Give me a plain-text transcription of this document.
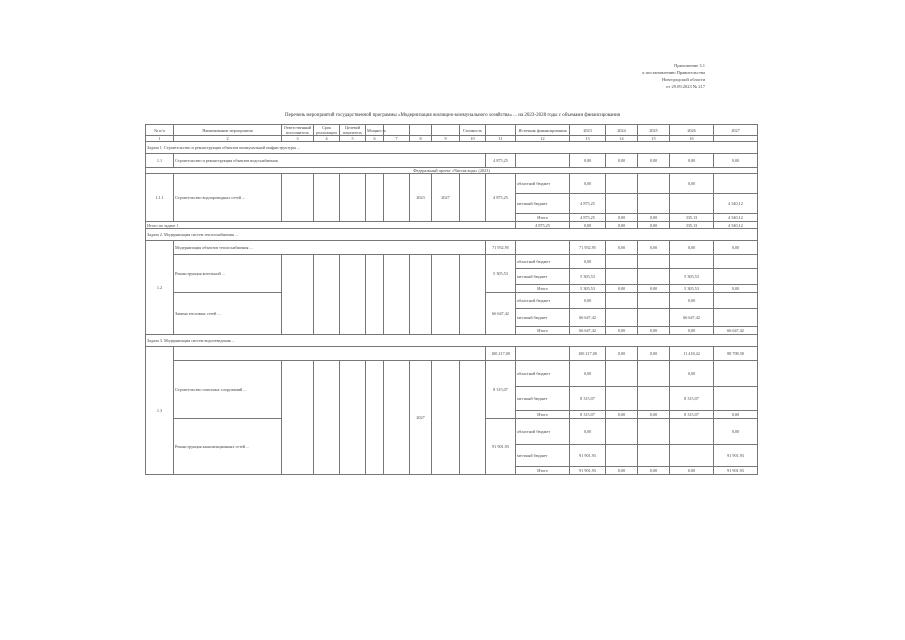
Приложение 3.1
к постановлению Правительства
Новгородской области
от 29.09.2023 № 217
Перечень мероприятий государственной программы «Модернизация жилищно-коммунального хозяйства» ... на 2023-2028 годы с объемами финансирования
№ п/п	Наименование мероприятия	Ответственный исполнитель	Срок реализации	Целевой показатель	Мощность				Стоимость		Источник финансирования	2023	2024	2025	2026	2027
1	2	3	4	5	6	7	8	9	10	11	12	13	14	15	16	
Задача 1. Строительство и реконструкция объектов коммунальной инфраструктуры ...																
1.1	Строительство и реконструкция объектов водоснабжения									4 875,25		0,00	0,00	0,00	0,00	0,00
Федеральный проект «Чистая вода» (2023)																
1.1.1	Строительство водопроводных сетей ...						2023	2027		4 875,25	областной бюджет	0,00			0,00	
											местный бюджет	4 875,25				4 540,12
											Итого	4 875,25	0,00	0,00	335,13	4 540,12
Итого по задаче 1											4 875,25	0,00	0,00	0,00	335,13	4 540,12
Задача 2. Модернизация систем теплоснабжения ...																
1.2	Модернизация объектов теплоснабжения ...									71 952,95		71 952,95	0,00	0,00	0,00	0,00
	Реконструкция котельной ...									5 305,53	областной бюджет	0,00				
											местный бюджет	5 305,53			5 305,53	
											Итого	5 305,53	0,00	0,00	5 305,53	0,00
	Замена тепловых сетей ...									66 647,42	областной бюджет	0,00			0,00	
											местный бюджет	66 647,42			66 647,42	
											Итого	66 647,42	0,00	0,00	0,00	66 647,42
Задача 3. Модернизация систем водоотведения ...																
1.3										100 217,00		100 217,00	0,00	0,00	11 418,42	88 798,58
	Строительство очистных сооружений ...						2027			8 315,07	областной бюджет	0,00			0,00	
											местный бюджет	8 315,07			8 315,07	
											Итого	8 315,07	0,00	0,00	8 315,07	0,00
	Реконструкция канализационных сетей ...									91 901,93	областной бюджет	0,00				0,00
											местный бюджет	91 901,93				91 901,93
											Итого	91 901,93	0,00	0,00	0,00	91 901,93
